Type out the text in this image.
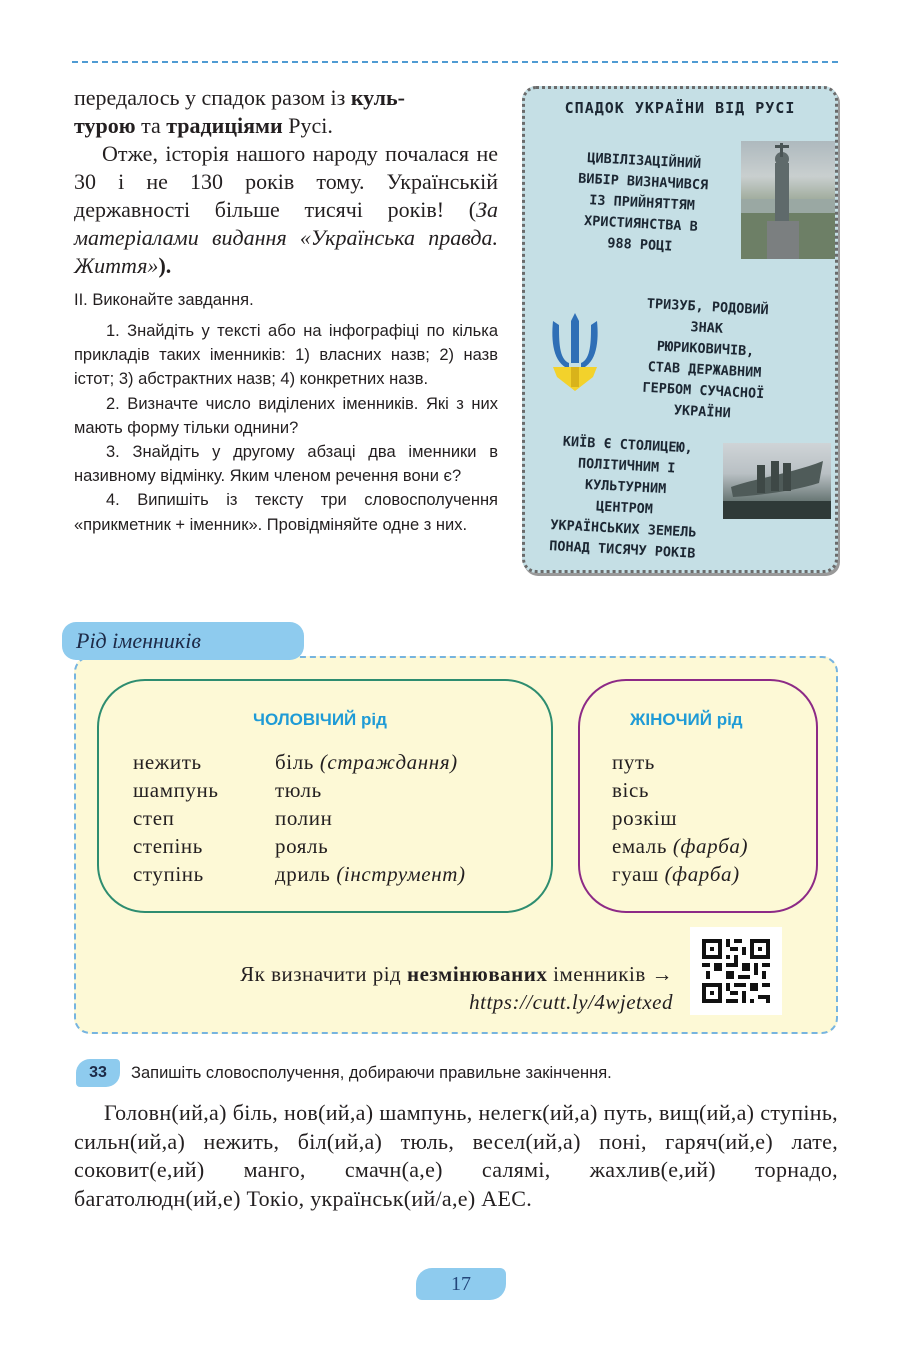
передалось у спадок разом із куль-
турою та традиціями Русі.
Отже, історія нашого народу почалася не 30 і не 130 років тому. Українській державності більше тисячі років! (За матеріалами видання «Українська правда. Життя»).
ІІ. Виконайте завдання.

1. Знайдіть у тексті або на інфографіці по кілька прикладів таких іменників: 1) власних назв; 2) назв істот; 3) абстрактних назв; 4) конкретних назв.

2. Визначте число виділених іменників. Які з них мають форму тільки однини?

3. Знайдіть у другому абзаці два іменники в називному відмінку. Яким членом речення вони є?

4. Випишіть із тексту три словосполучення «прикметник + іменник». Провідміняйте одне з них.

СПАДОК УКРАЇНИ ВІД РУСІ
ЦИВІЛІЗАЦІЙНИЙ
ВИБІР ВИЗНАЧИВСЯ
ІЗ ПРИЙНЯТТЯМ
ХРИСТИЯНСТВА В
988 РОЦІ
ТРИЗУБ, РОДОВИЙ
ЗНАК
РЮРИКОВИЧІВ,
СТАВ ДЕРЖАВНИМ
ГЕРБОМ СУЧАСНОЇ
УКРАЇНИ
КИЇВ Є СТОЛИЦЕЮ,
ПОЛІТИЧНИМ І
КУЛЬТУРНИМ
ЦЕНТРОМ
УКРАЇНСЬКИХ ЗЕМЕЛЬ
ПОНАД ТИСЯЧУ РОКІВ
Рід іменників
ЧОЛОВІЧИЙ рід
нежить
шампунь
степ
степінь
ступінь
біль (страждання)
тюль
полин
рояль
дриль (інструмент)
ЖІНОЧИЙ рід
путь
вісь
розкіш
емаль (фарба)
гуаш (фарба)
Як визначити рід незмінюваних іменників →
https://cutt.ly/4wjetxed
33	Запишіть словосполучення, добираючи правильне закінчення.
Головн(ий,а) біль, нов(ий,а) шампунь, нелегк(ий,а) путь, вищ(ий,а) ступінь, сильн(ий,а) нежить, біл(ий,а) тюль, весел(ий,а) поні, гаряч(ий,е) лате, соковит(е,ий) манго, смачн(а,е) салямі, жахлив(е,ий) торнадо, багатолюдн(ий,е) Токіо, українськ(ий/а,е) АЕС.
17
